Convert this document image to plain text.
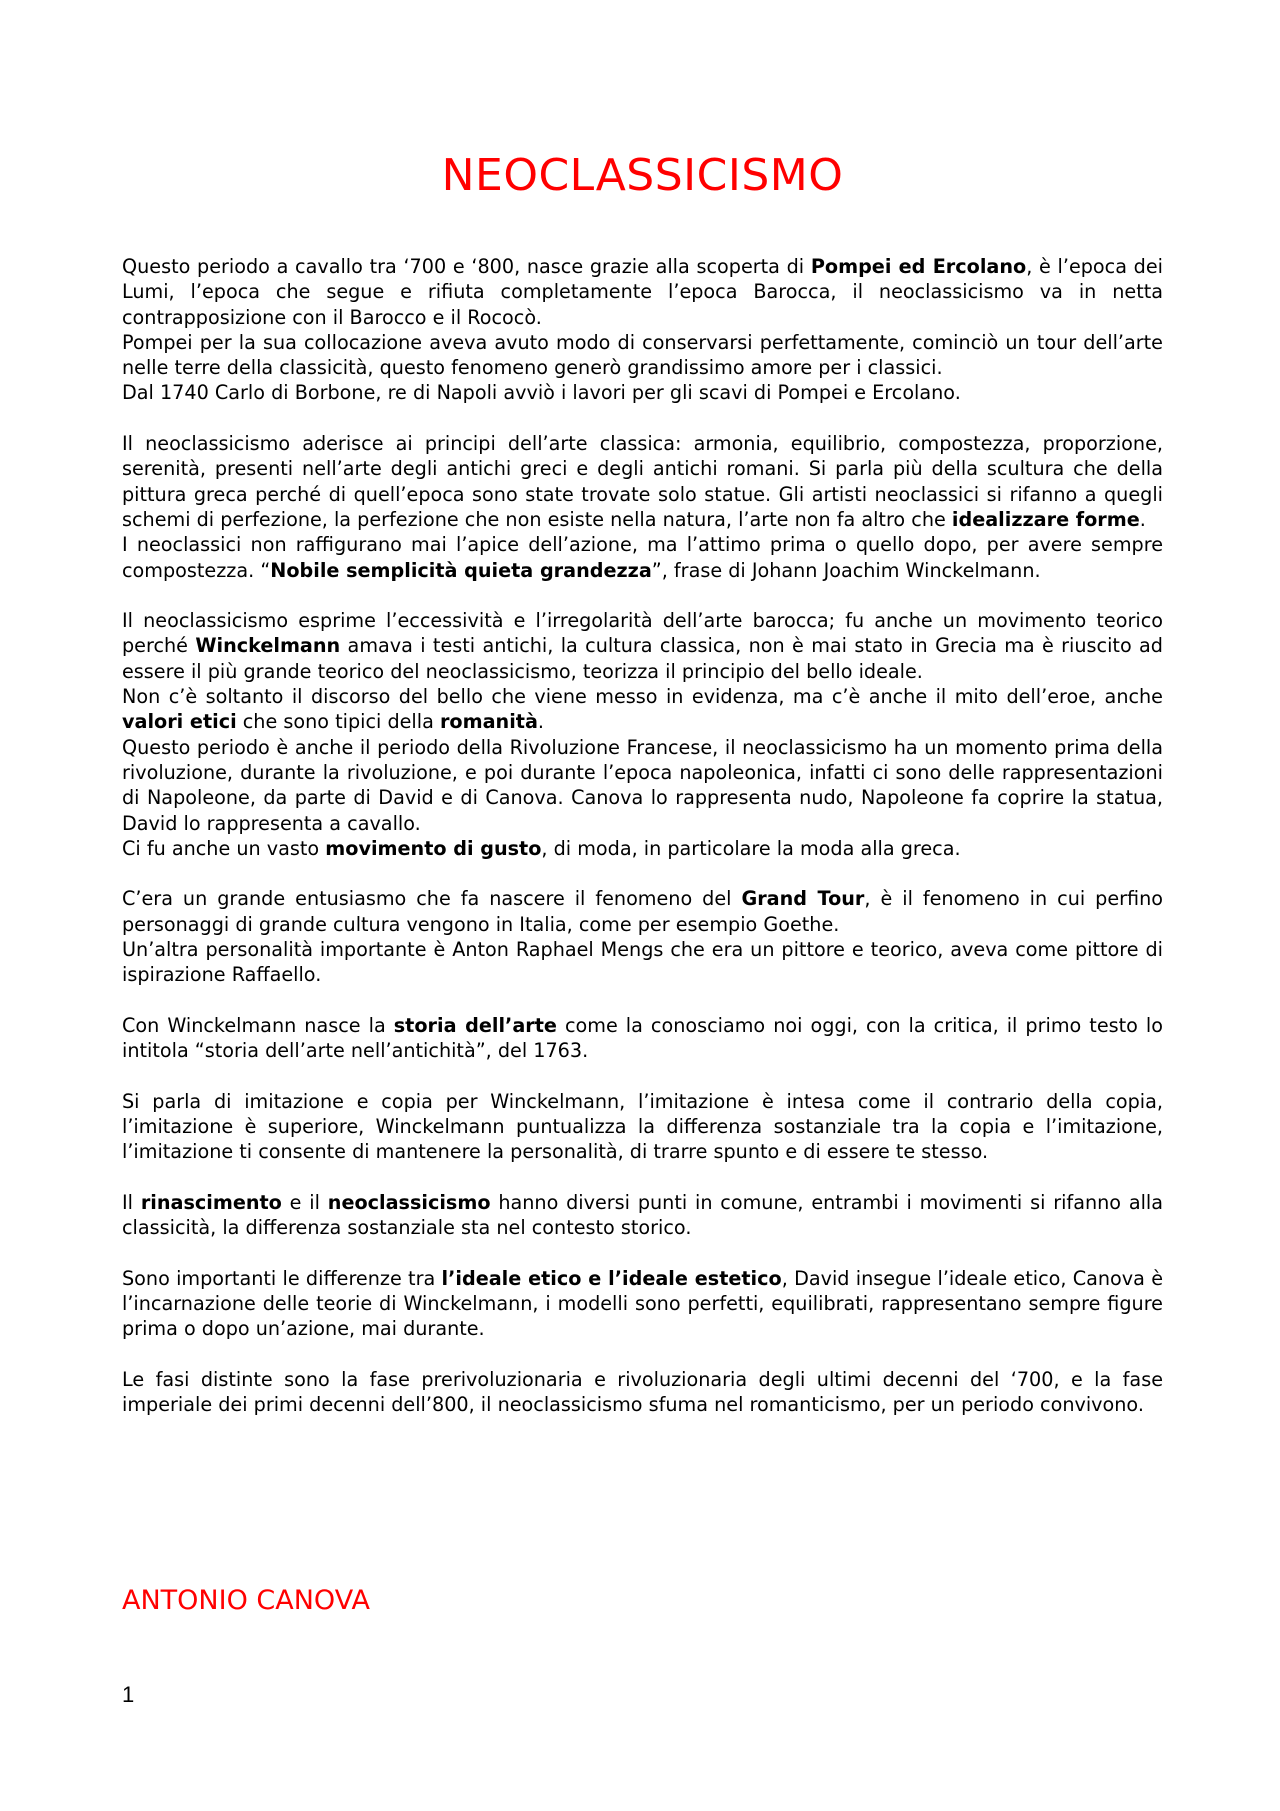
NEOCLASSICISMO

Questo periodo a cavallo tra ‘700 e ‘800, nasce grazie alla scoperta di Pompei ed Ercolano, è l’epoca dei Lumi, l’epoca che segue e rifiuta completamente l’epoca Barocca, il neoclassicismo va in netta contrapposizione con il Barocco e il Rococò.

Pompei per la sua collocazione aveva avuto modo di conservarsi perfettamente, cominciò un tour dell’arte nelle terre della classicità, questo fenomeno generò grandissimo amore per i classici.

Dal 1740 Carlo di Borbone, re di Napoli avviò i lavori per gli scavi di Pompei e Ercolano.

Il neoclassicismo aderisce ai principi dell’arte classica: armonia, equilibrio, compostezza, proporzione, serenità, presenti nell’arte degli antichi greci e degli antichi romani. Si parla più della scultura che della pittura greca perché di quell’epoca sono state trovate solo statue. Gli artisti neoclassici si rifanno a quegli schemi di perfezione, la perfezione che non esiste nella natura, l’arte non fa altro che idealizzare forme.

I neoclassici non raffigurano mai l’apice dell’azione, ma l’attimo prima o quello dopo, per avere sempre compostezza. “Nobile semplicità quieta grandezza”, frase di Johann Joachim Winckelmann.

Il neoclassicismo esprime l’eccessività e l’irregolarità dell’arte barocca; fu anche un movimento teorico perché Winckelmann amava i testi antichi, la cultura classica, non è mai stato in Grecia ma è riuscito ad essere il più grande teorico del neoclassicismo, teorizza il principio del bello ideale.

Non c’è soltanto il discorso del bello che viene messo in evidenza, ma c’è anche il mito dell’eroe, anche valori etici che sono tipici della romanità.

Questo periodo è anche il periodo della Rivoluzione Francese, il neoclassicismo ha un momento prima della rivoluzione, durante la rivoluzione, e poi durante l’epoca napoleonica, infatti ci sono delle rappresentazioni di Napoleone, da parte di David e di Canova. Canova lo rappresenta nudo, Napoleone fa coprire la statua, David lo rappresenta a cavallo.

Ci fu anche un vasto movimento di gusto, di moda, in particolare la moda alla greca.

C’era un grande entusiasmo che fa nascere il fenomeno del Grand Tour, è il fenomeno in cui perfino personaggi di grande cultura vengono in Italia, come per esempio Goethe.

Un’altra personalità importante è Anton Raphael Mengs che era un pittore e teorico, aveva come pittore di ispirazione Raffaello.

Con Winckelmann nasce la storia dell’arte come la conosciamo noi oggi, con la critica, il primo testo lo intitola “storia dell’arte nell’antichità”, del 1763.

Si parla di imitazione e copia per Winckelmann, l’imitazione è intesa come il contrario della copia, l’imitazione è superiore, Winckelmann puntualizza la differenza sostanziale tra la copia e l’imitazione, l’imitazione ti consente di mantenere la personalità, di trarre spunto e di essere te stesso.

Il rinascimento e il neoclassicismo hanno diversi punti in comune, entrambi i movimenti si rifanno alla classicità, la differenza sostanziale sta nel contesto storico.

Sono importanti le differenze tra l’ideale etico e l’ideale estetico, David insegue l’ideale etico, Canova è l’incarnazione delle teorie di Winckelmann, i modelli sono perfetti, equilibrati, rappresentano sempre figure prima o dopo un’azione, mai durante.

Le fasi distinte sono la fase prerivoluzionaria e rivoluzionaria degli ultimi decenni del ‘700, e la fase imperiale dei primi decenni dell’800, il neoclassicismo sfuma nel romanticismo, per un periodo convivono.

ANTONIO CANOVA
1
